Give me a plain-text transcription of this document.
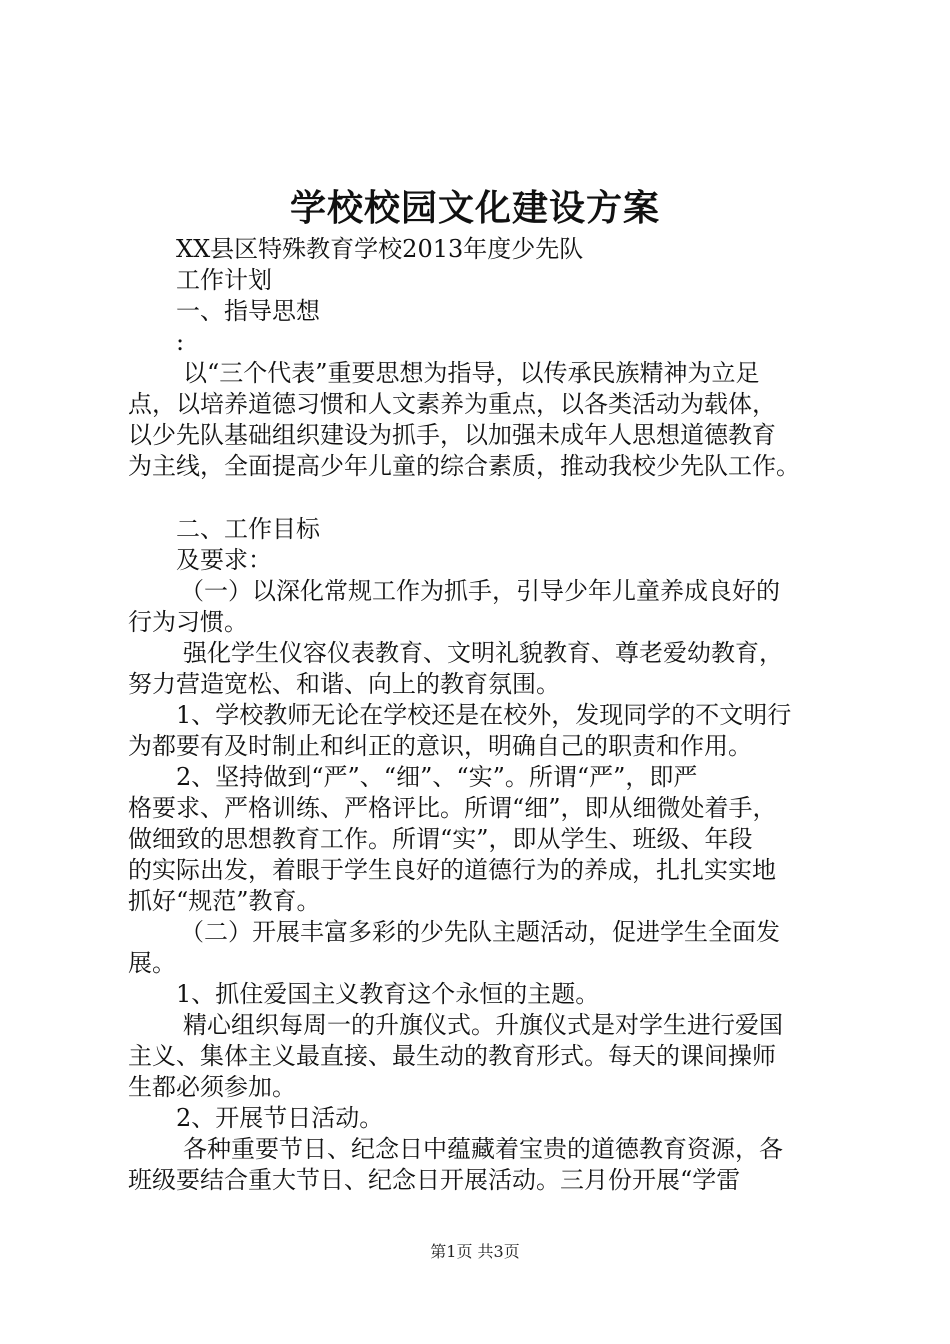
学校校园文化建设方案
XX县区特殊教育学校2013年度少先队
工作计划
一、指导思想
:
以“三个代表”重要思想为指导，以传承民族精神为立足
点，以培养道德习惯和人文素养为重点，以各类活动为载体，
以少先队基础组织建设为抓手，以加强未成年人思想道德教育
为主线，全面提高少年儿童的综合素质，推动我校少先队工作。
二、工作目标
及要求：
（一）以深化常规工作为抓手，引导少年儿童养成良好的
行为习惯。
强化学生仪容仪表教育、文明礼貌教育、尊老爱幼教育，
努力营造宽松、和谐、向上的教育氛围。
1、学校教师无论在学校还是在校外，发现同学的不文明行
为都要有及时制止和纠正的意识，明确自己的职责和作用。
2、坚持做到“严”、“细”、“实”。所谓“严”，即严
格要求、严格训练、严格评比。所谓“细”，即从细微处着手，
做细致的思想教育工作。所谓“实”，即从学生、班级、年段
的实际出发，着眼于学生良好的道德行为的养成，扎扎实实地
抓好“规范”教育。
（二）开展丰富多彩的少先队主题活动，促进学生全面发
展。
1、抓住爱国主义教育这个永恒的主题。
精心组织每周一的升旗仪式。升旗仪式是对学生进行爱国
主义、集体主义最直接、最生动的教育形式。每天的课间操师
生都必须参加。
2、开展节日活动。
各种重要节日、纪念日中蕴藏着宝贵的道德教育资源，各
班级要结合重大节日、纪念日开展活动。三月份开展“学雷
第1页 共3页
